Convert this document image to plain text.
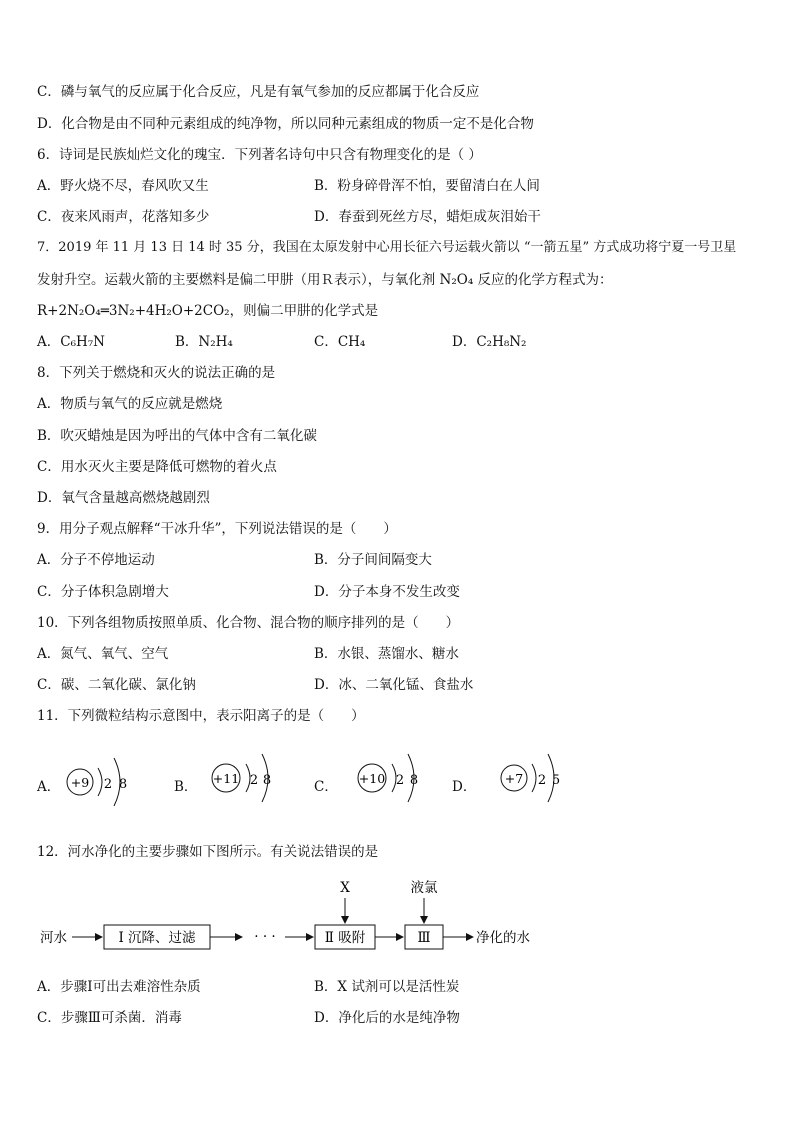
C．磷与氧气的反应属于化合反应，凡是有氧气参加的反应都属于化合反应
D．化合物是由不同种元素组成的纯净物，所以同种元素组成的物质一定不是化合物
6．诗词是民族灿烂文化的瑰宝．下列著名诗句中只含有物理变化的是（ ）
A．野火烧不尽，春风吹又生	B．粉身碎骨浑不怕，要留清白在人间
C．夜来风雨声，花落知多少	D．春蚕到死丝方尽，蜡炬成灰泪始干
7．2019 年 11 月 13 日 14 时 35 分，我国在太原发射中心用长征六号运载火箭以 “一箭五星” 方式成功将宁夏一号卫星
发射升空。运载火箭的主要燃料是偏二甲肼（用Ｒ表示），与氧化剂 N₂O₄ 反应的化学方程式为：
R+2N₂O₄═3N₂+4H₂O+2CO₂，则偏二甲肼的化学式是
A．C₆H₇N	B．N₂H₄	C．CH₄	D．C₂H₈N₂
8．下列关于燃烧和灭火的说法正确的是
A．物质与氧气的反应就是燃烧
B．吹灭蜡烛是因为呼出的气体中含有二氧化碳
C．用水灭火主要是降低可燃物的着火点
D．氧气含量越高燃烧越剧烈
9．用分子观点解释“干冰升华”，下列说法错误的是（　　）
A．分子不停地运动	B．分子间间隔变大
C．分子体积急剧增大	D．分子本身不发生改变
10．下列各组物质按照单质、化合物、混合物的顺序排列的是（　　）
A．氮气、氧气、空气	B．水银、蒸馏水、糖水
C．碳、二氧化碳、氯化钠	D．冰、二氧化锰、食盐水
11．下列微粒结构示意图中，表示阳离子的是（　　）
A． +9 2 8	B．
+11 2 8	C．
+10 2 8	D．
+7 2 5
12．河水净化的主要步骤如下图所示。有关说法错误的是
河水	Ⅰ 沉降、过滤	· · ·	Ⅱ 吸附
X
Ⅲ
液氯
净化的水
A．步骤Ⅰ可出去难溶性杂质	B．X 试剂可以是活性炭
C．步骤Ⅲ可杀菌．消毒	D．净化后的水是纯净物
